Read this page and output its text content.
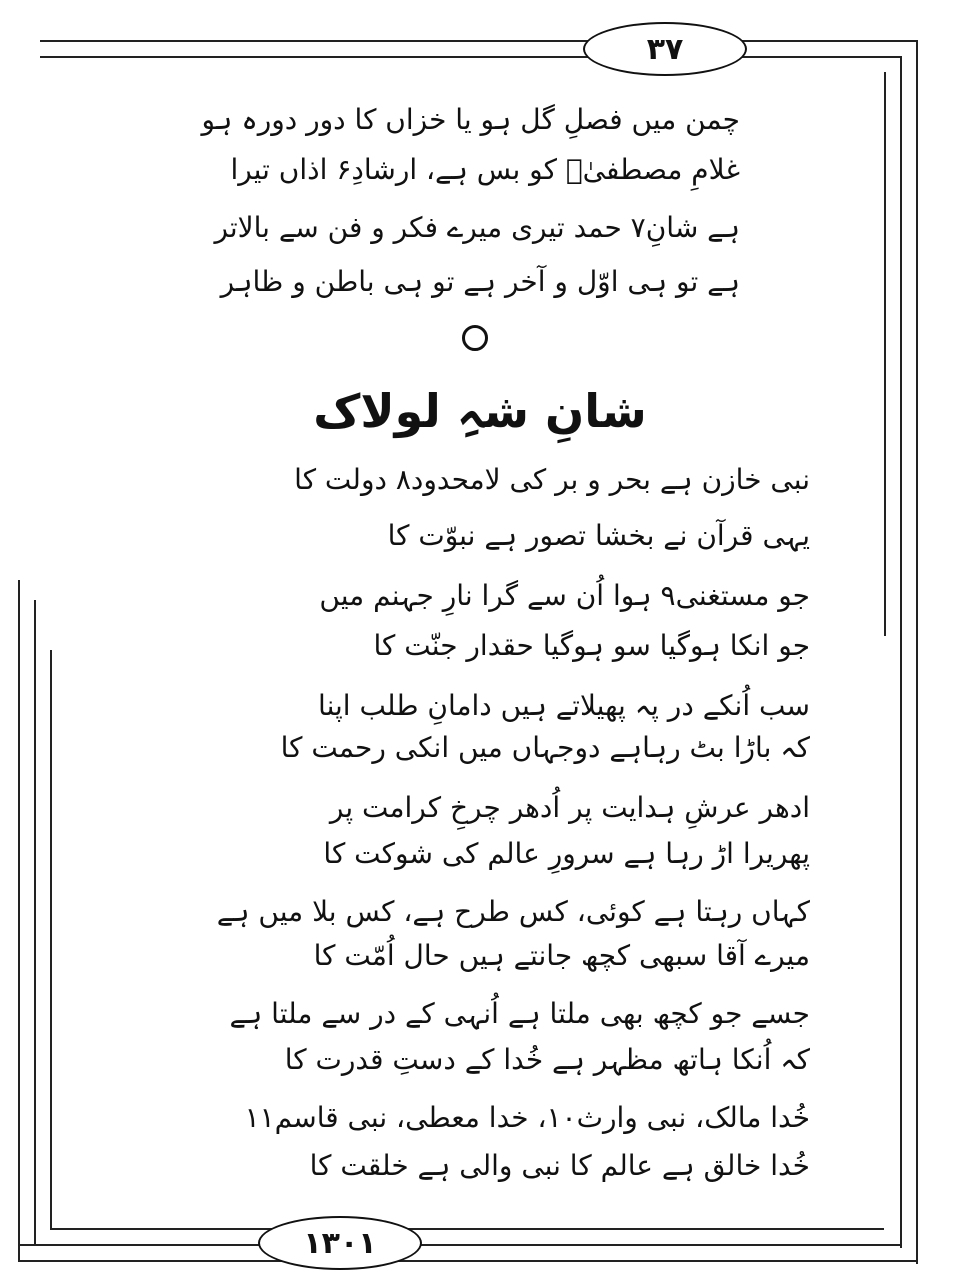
۳۷
۱۳۰۱
چمن میں فصلِ گل ہو یا خزاں کا دور دورہ ہو
غلامِ مصطفیٰؐ کو بس ہے، ارشادِ۶ اذاں تیرا
ہے شانِ۷ حمد تیری میرے فکر و فن سے بالاتر
ہے تو ہی اوّل و آخر ہے تو ہی باطن و ظاہر
شانِ شہِ لولاک
نبی خازن ہے بحر و بر کی لامحدود۸ دولت کا
یہی قرآن نے بخشا تصور ہے نبوّت کا
جو مستغنی۹ ہوا اُن سے گرا نارِ جہنم میں
جو انکا ہوگیا سو ہوگیا حقدار جنّت کا
سب اُنکے در پہ پھیلاتے ہیں دامانِ طلب اپنا
کہ باڑا بٹ رہاہے دوجہاں میں انکی رحمت کا
ادھر عرشِ ہدایت پر اُدھر چرخِ کرامت پر
پھریرا اڑ رہا ہے سرورِ عالم کی شوکت کا
کہاں رہتا ہے کوئی، کس طرح ہے، کس بلا میں ہے
میرے آقا سبھی کچھ جانتے ہیں حال اُمّت کا
جسے جو کچھ بھی ملتا ہے اُنہی کے در سے ملتا ہے
کہ اُنکا ہاتھ مظہر ہے خُدا کے دستِ قدرت کا
خُدا مالک، نبی وارث۱۰، خدا معطی، نبی قاسم۱۱
خُدا خالق ہے عالم کا نبی والی ہے خلقت کا
